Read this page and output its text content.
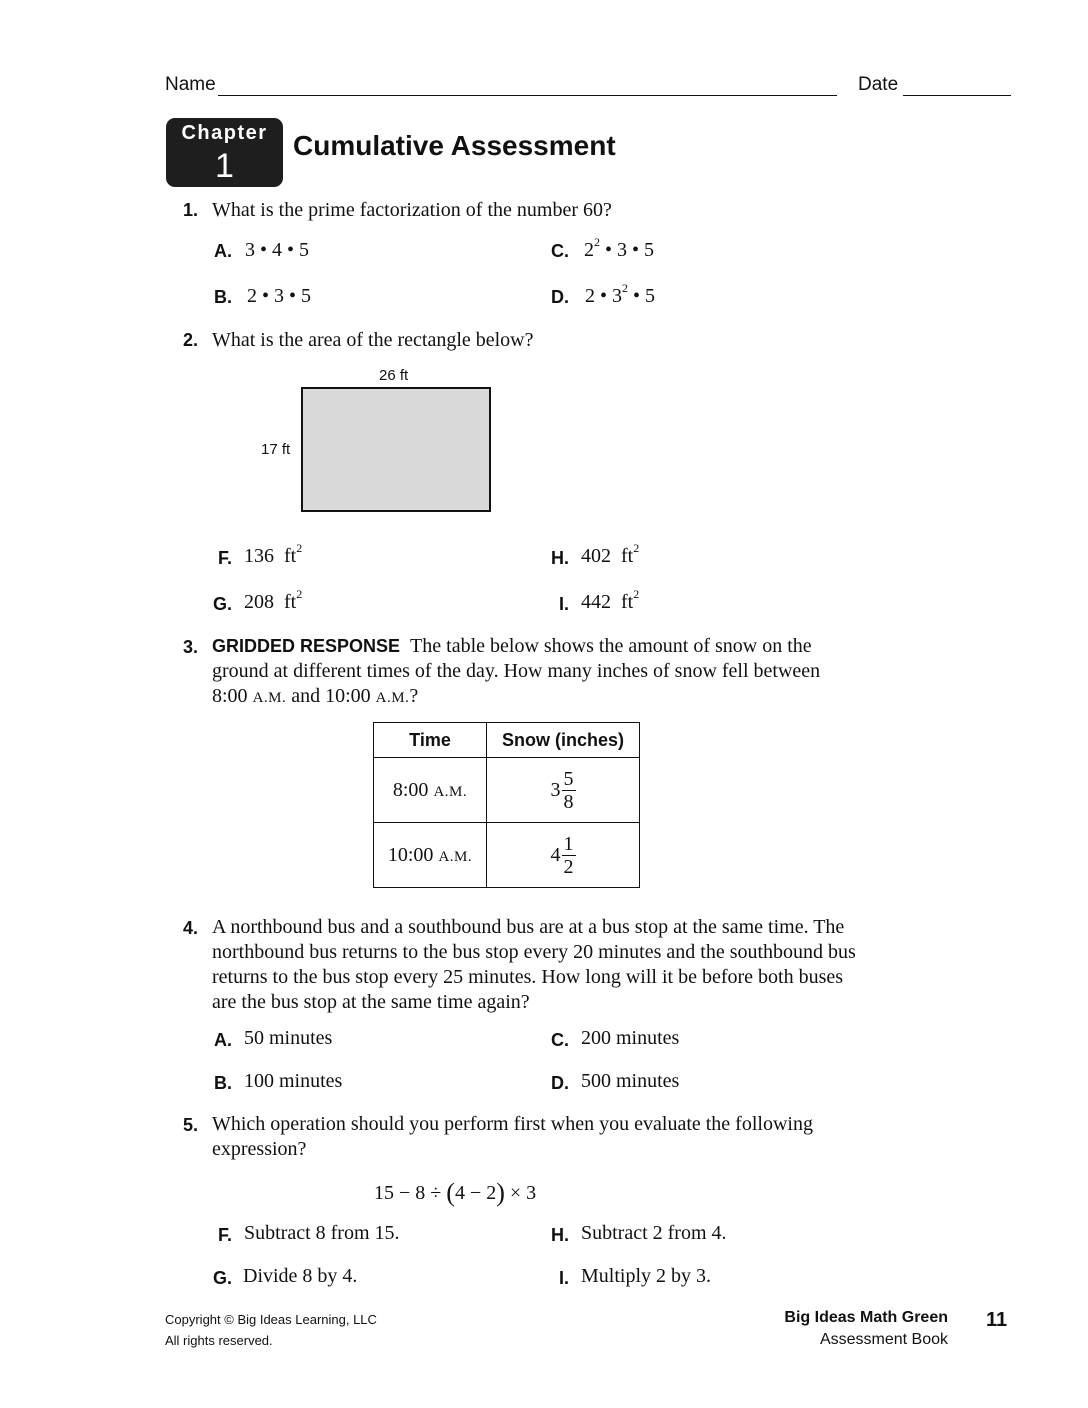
Name	Date
Chapter
1
Cumulative Assessment
1. What is the prime factorization of the number 60?
A. 3 • 4 • 5	C. $2^2$ • 3 • 5
B. 2 • 3 • 5	D. 2 • $3^2$ • 5
2. What is the area of the rectangle below?
26 ft
17 ft
F. 136 $ft^2$	H. 402 $ft^2$
G. 208 $ft^2$	I. 442 $ft^2$
3. GRIDDED RESPONSE The table below shows the amount of snow on the
ground at different times of the day. How many inches of snow fell between
8:00 A.M. and 10:00 A.M.?
Time	Snow (inches)
8:00 A.M.	$3 \frac{5}{8}$

10:00 A.M.	$4 \frac{1}{2}$
4. A northbound bus and a southbound bus are at a bus stop at the same time. The
northbound bus returns to the bus stop every 20 minutes and the southbound bus
returns to the bus stop every 25 minutes. How long will it be before both buses
are the bus stop at the same time again?
A. 50 minutes	C. 200 minutes
B. 100 minutes	D. 500 minutes
5. Which operation should you perform first when you evaluate the following
expression?
15 − 8 ÷ (4 − 2) × 3
F. Subtract 8 from 15.	H. Subtract 2 from 4.
G. Divide 8 by 4.	I. Multiply 2 by 3.
Copyright © Big Ideas Learning, LLC
All rights reserved.
Big Ideas Math Green
Assessment Book
11
